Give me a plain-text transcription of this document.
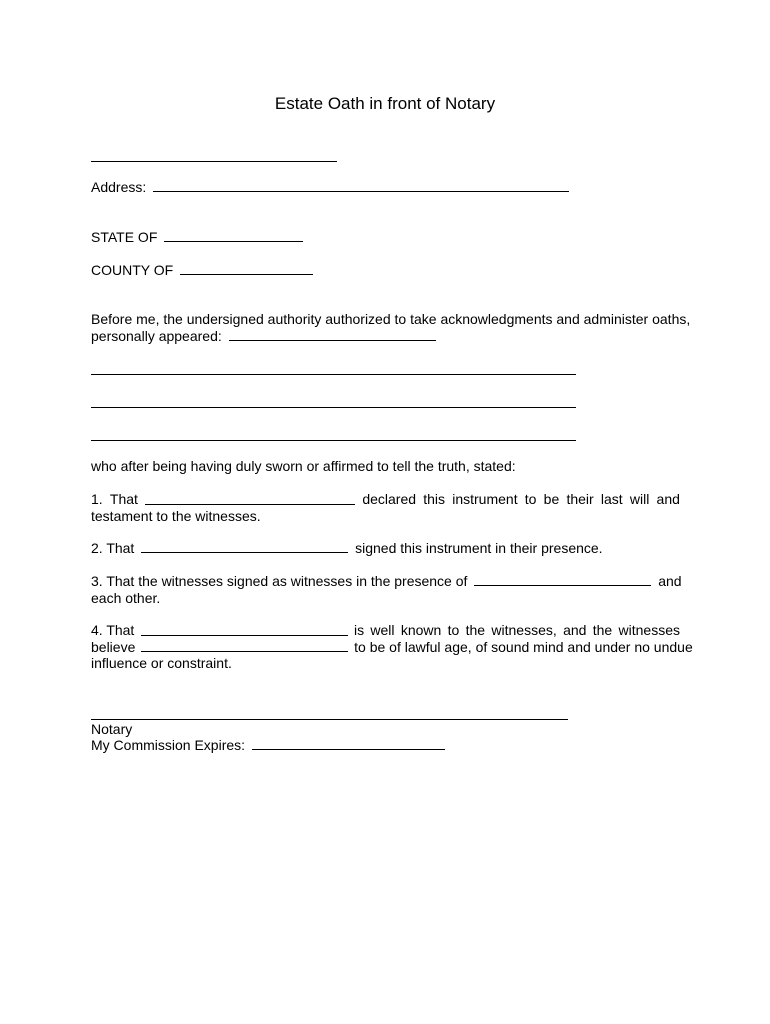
Estate Oath in front of Notary
Address:
STATE OF
COUNTY OF
Before me, the undersigned authority authorized to take acknowledgments and administer oaths,
personally appeared:
who after being having duly sworn or affirmed to tell the truth, stated:
1. That	declared this instrument to be their last will and
testament to the witnesses.
2. That	signed this instrument in their presence.
3. That the witnesses signed as witnesses in the presence of	and
each other.
4. That	is well known to the witnesses, and the witnesses
believe	to be of lawful age, of sound mind and under no undue
influence or constraint.
Notary
My Commission Expires:
